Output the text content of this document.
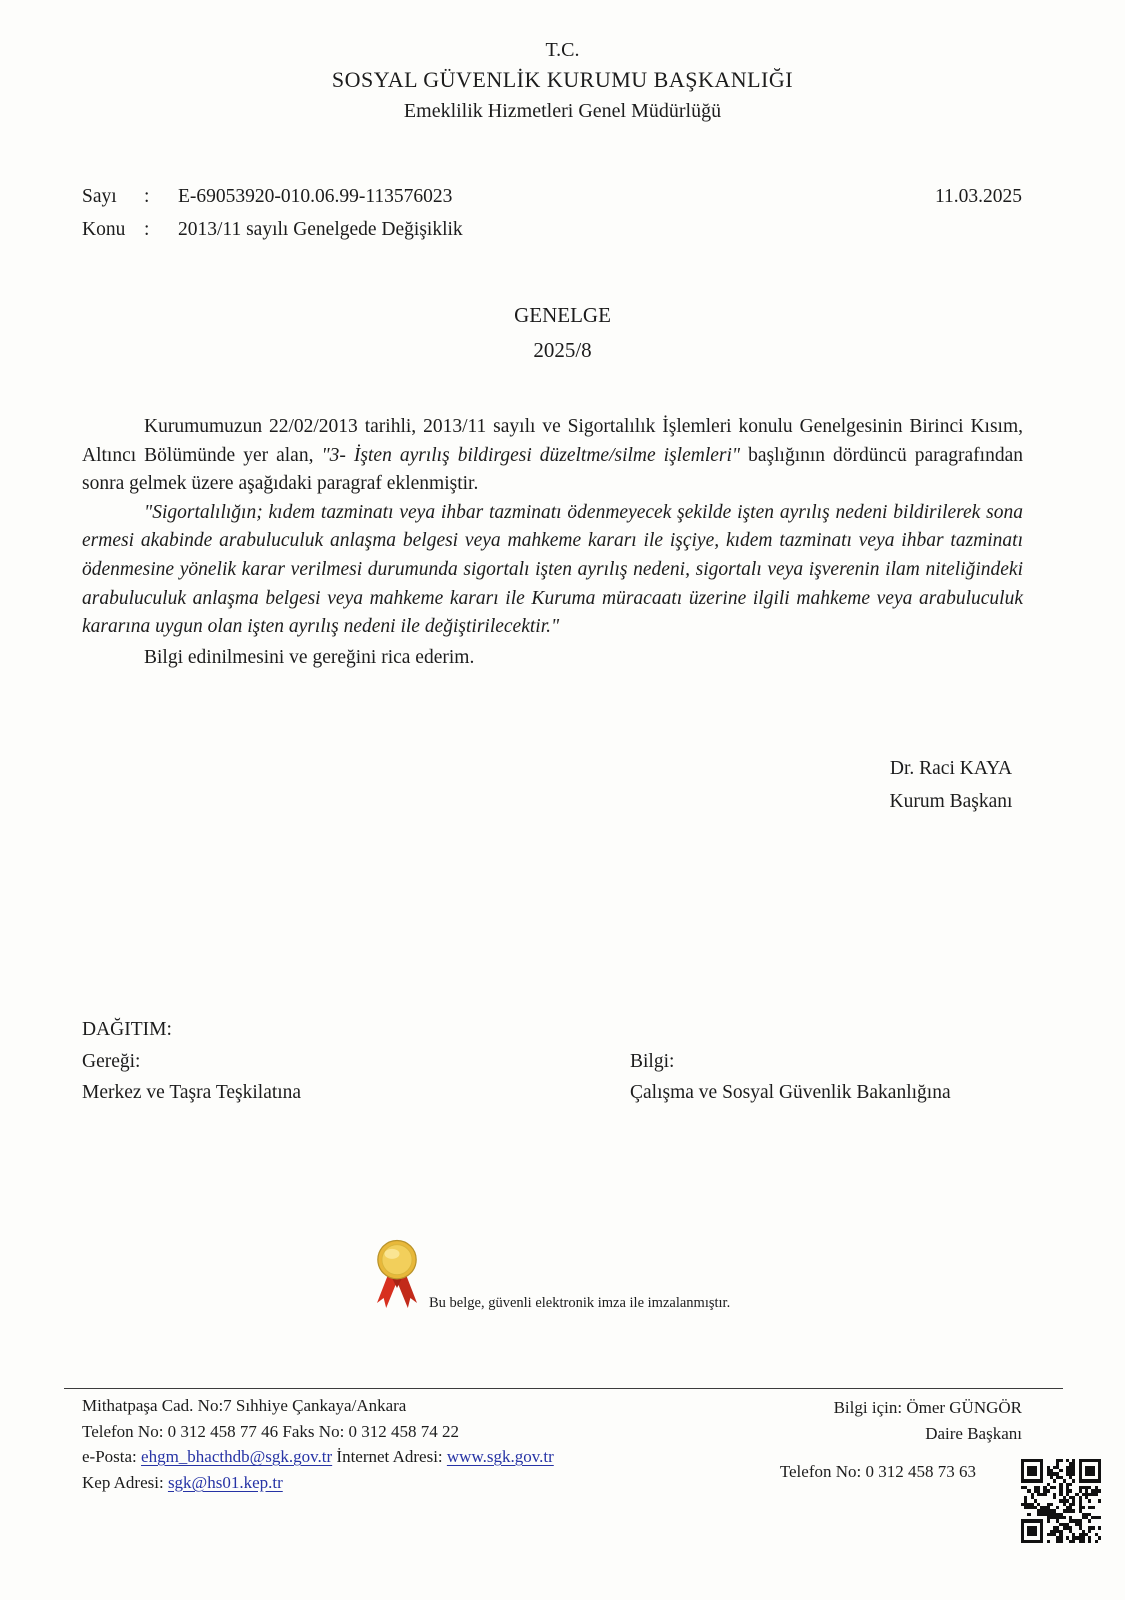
T.C.
SOSYAL GÜVENLİK KURUMU BAŞKANLIĞI
Emeklilik Hizmetleri Genel Müdürlüğü
Sayı	:	E-69053920-010.06.99-113576023
Konu :	2013/11 sayılı Genelgede Değişiklik
11.03.2025
GENELGE
2025/8

Kurumumuzun 22/02/2013 tarihli, 2013/11 sayılı ve Sigortalılık İşlemleri konulu Genelgesinin Birinci Kısım, Altıncı Bölümünde yer alan, "3- İşten ayrılış bildirgesi düzeltme/silme işlemleri" başlığının dördüncü paragrafından sonra gelmek üzere aşağıdaki paragraf eklenmiştir.

"Sigortalılığın; kıdem tazminatı veya ihbar tazminatı ödenmeyecek şekilde işten ayrılış nedeni bildirilerek sona ermesi akabinde arabuluculuk anlaşma belgesi veya mahkeme kararı ile işçiye, kıdem tazminatı veya ihbar tazminatı ödenmesine yönelik karar verilmesi durumunda sigortalı işten ayrılış nedeni, sigortalı veya işverenin ilam niteliğindeki arabuluculuk anlaşma belgesi veya mahkeme kararı ile Kuruma müracaatı üzerine ilgili mahkeme veya arabuluculuk kararına uygun olan işten ayrılış nedeni ile değiştirilecektir."

Bilgi edinilmesini ve gereğini rica ederim.

Dr. Raci KAYA
Kurum Başkanı
DAĞITIM:
Gereği:	Bilgi:
Merkez ve Taşra Teşkilatına	Çalışma ve Sosyal Güvenlik Bakanlığına
Bu belge, güvenli elektronik imza ile imzalanmıştır.
Mithatpaşa Cad. No:7 Sıhhiye Çankaya/Ankara
Telefon No: 0 312 458 77 46 Faks No: 0 312 458 74 22
e-Posta: ehgm_bhacthdb@sgk.gov.tr İnternet Adresi: www.sgk.gov.tr
Kep Adresi: sgk@hs01.kep.tr
Bilgi için: Ömer GÜNGÖR
Daire Başkanı
Telefon No: 0 312 458 73 63
